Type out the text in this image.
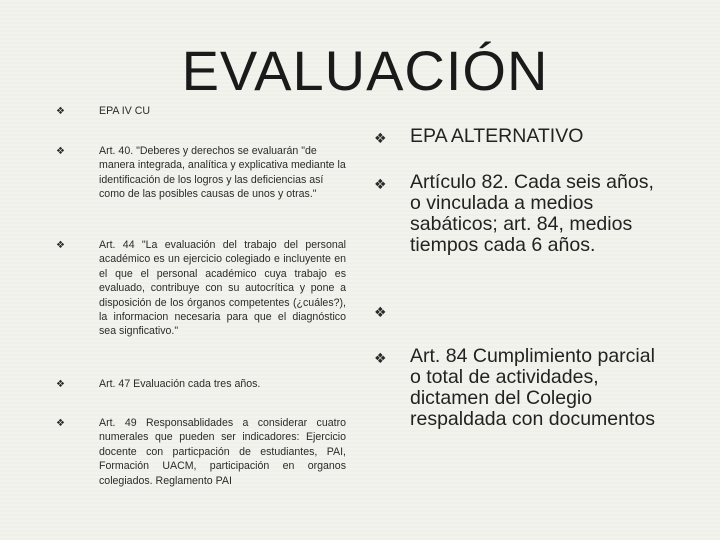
EVALUACIÓN
❖	EPA IV CU
❖	Art. 40. "Deberes y derechos se evaluarán "de manera integrada, analítica y explicativa mediante la identificación de los logros y las deficiencias así como de las posibles causas de unos y otras."
❖	Art. 44 "La evaluación del trabajo del personal académico es un ejercicio colegiado e incluyente en el que el personal académico cuya trabajo es evaluado, contribuye con su autocrítica y pone a disposición de los órganos competentes (¿cuáles?), la informacion necesaria para que el diagnóstico sea signficativo."
❖	Art. 47 Evaluación cada tres años.
❖	Art. 49 Responsablidades a considerar cuatro numerales que pueden ser indicadores: Ejercicio docente con particpación de estudiantes, PAI, Formación UACM, participación en organos colegiados. Reglamento PAI
❖ EPA ALTERNATIVO
❖ Artículo 82. Cada seis años, o vinculada a medios sabáticos; art. 84, medios tiempos cada 6 años.
❖
❖ Art. 84 Cumplimiento parcial o total de actividades, dictamen del Colegio respaldada con documentos
